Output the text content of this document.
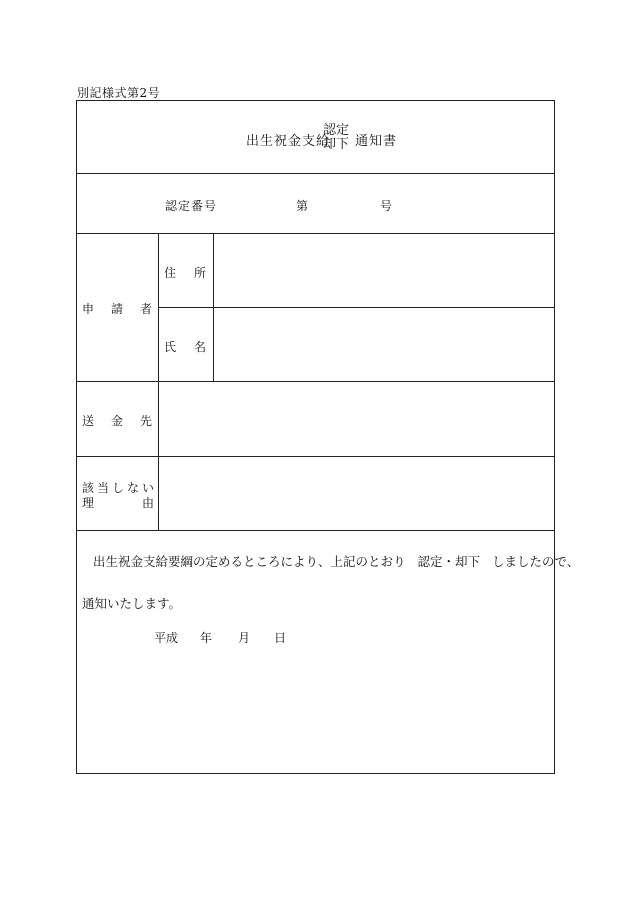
別記様式第2号
出生祝金支給
認定
却下 通知書
認定番号	第	号
申 請 者
住 所
氏 名
送 金 先
該 当 し な い
理	由
出生祝金支給要綱の定めるところにより、上記のとおり 認定・却下 しましたので、
通知いたします。
平成 年 月 日
